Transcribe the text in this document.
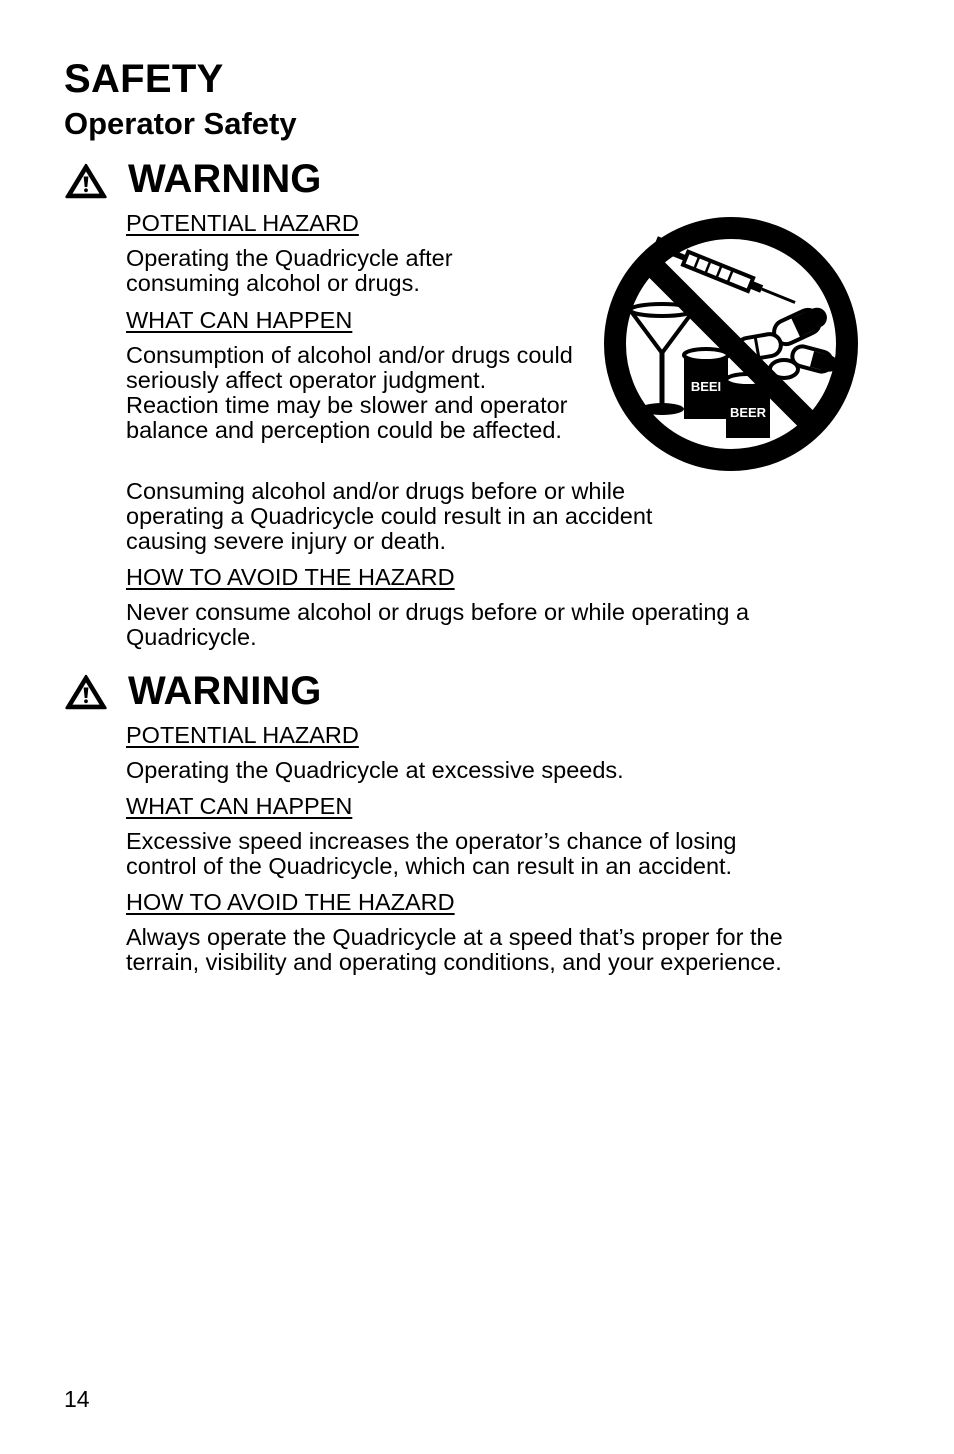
SAFETY
Operator Safety
WARNING
POTENTIAL HAZARD
Operating the Quadricycle after consuming alcohol or drugs.
WHAT CAN HAPPEN
Consumption of alcohol and/or drugs could seriously affect operator judgment. Reaction time may be slower and operator balance and perception could be affected.
Consuming alcohol and/or drugs before or while operating a Quadricycle could result in an accident causing severe injury or death.
HOW TO AVOID THE HAZARD
Never consume alcohol or drugs before or while operating a Quadricycle.
BEEI
BEER
WARNING
POTENTIAL HAZARD
Operating the Quadricycle at excessive speeds.
WHAT CAN HAPPEN
Excessive speed increases the operator’s chance of losing control of the Quadricycle, which can result in an accident.
HOW TO AVOID THE HAZARD
Always operate the Quadricycle at a speed that’s proper for the terrain, visibility and operating conditions, and your experience.
14
